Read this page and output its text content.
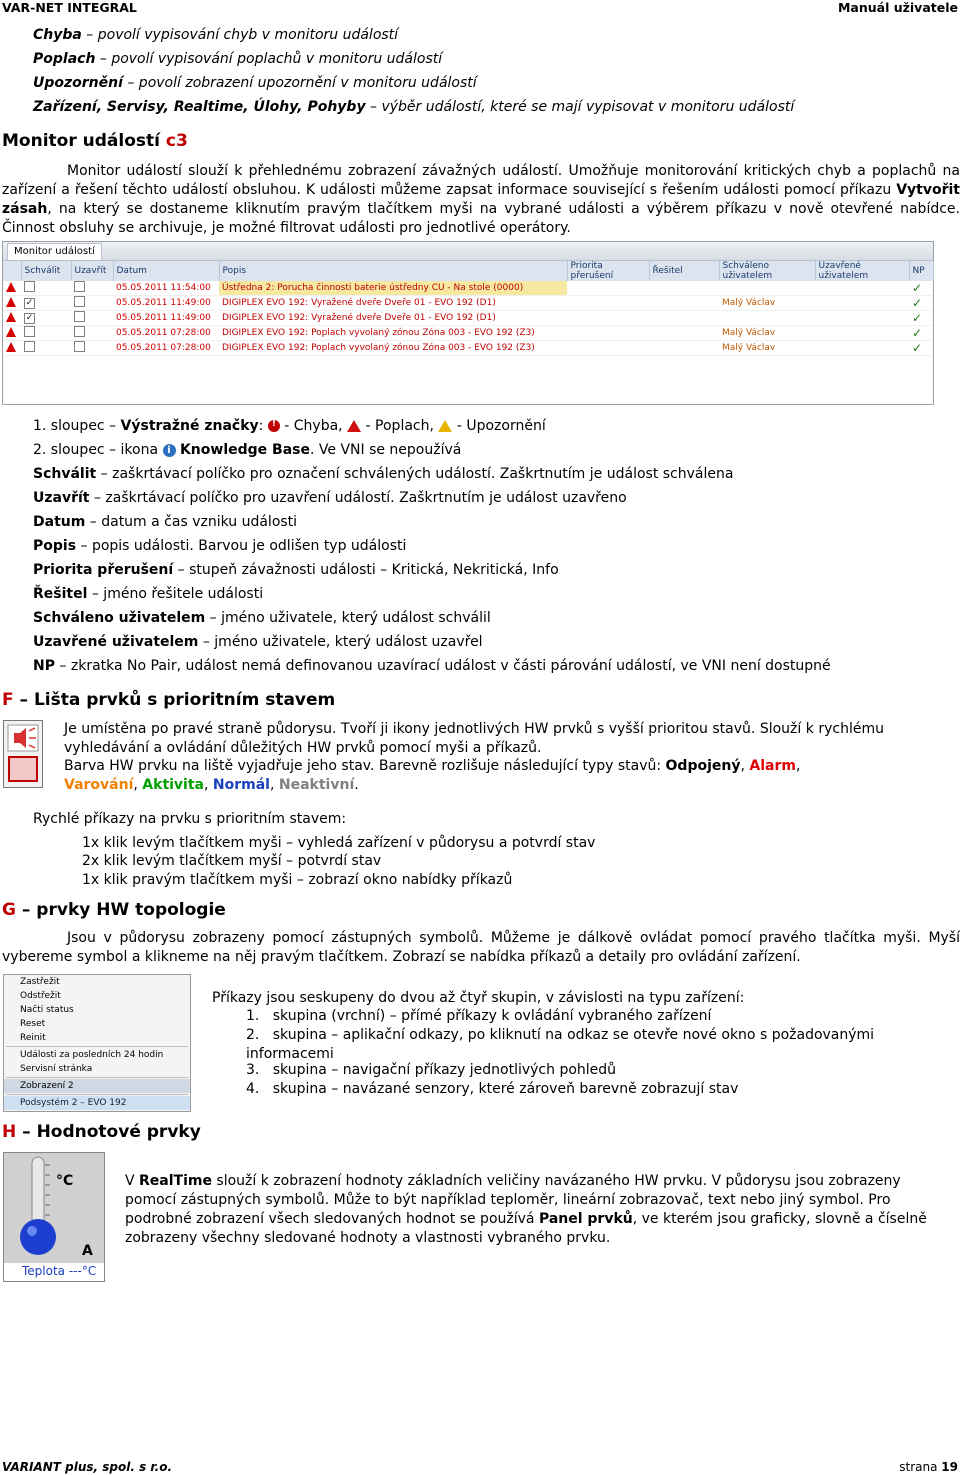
VAR-NET INTEGRAL	Manuál uživatele
Chyba – povolí vypisování chyb v monitoru událostí
Poplach – povolí vypisování poplachů v monitoru událostí
Upozornění – povolí zobrazení upozornění v monitoru událostí
Zařízení, Servisy, Realtime, Úlohy, Pohyby – výběr událostí, které se mají vypisovat v monitoru událostí
Monitor událostí c3
Monitor událostí slouží k přehlednému zobrazení závažných událostí. Umožňuje monitorování kritických chyb a poplachů na zařízení a řešení těchto událostí obsluhou. K události můžeme zapsat informace související s řešením události pomocí příkazu Vytvořit zásah, na který se dostaneme kliknutím pravým tlačítkem myši na vybrané události a výběrem příkazu v nově otevřené nabídce. Činnost obsluhy se archivuje, je možné filtrovat události pro jednotlivé operátory.
Monitor událostí
	Schválit	Uzavřít	Datum	Popis	Priorita přerušení	Řešitel	Schváleno uživatelem	Uzavřené uživatelem	NP
			05.05.2011 11:54:00	Ústředna 2: Porucha činnosti baterie ústředny CU - Na stole (0000)					✓
	✓		05.05.2011 11:49:00	DIGIPLEX EVO 192: Vyražené dveře Dveře 01 - EVO 192 (D1)			Malý Václav		✓
	✓		05.05.2011 11:49:00	DIGIPLEX EVO 192: Vyražené dveře Dveře 01 - EVO 192 (D1)					✓
			05.05.2011 07:28:00	DIGIPLEX EVO 192: Poplach vyvolaný zónou Zóna 003 - EVO 192 (Z3)			Malý Václav		✓
			05.05.2011 07:28:00	DIGIPLEX EVO 192: Poplach vyvolaný zónou Zóna 003 - EVO 192 (Z3)			Malý Václav		✓
1. sloupec – Výstražné značky: ! - Chyba,  - Poplach,  - Upozornění
2. sloupec – ikona i Knowledge Base. Ve VNI se nepoužívá
Schválit – zaškrtávací políčko pro označení schválených událostí. Zaškrtnutím je událost schválena
Uzavřít – zaškrtávací políčko pro uzavření událostí. Zaškrtnutím je událost uzavřeno
Datum – datum a čas vzniku události
Popis – popis události. Barvou je odlišen typ události
Priorita přerušení – stupeň závažnosti události – Kritická, Nekritická, Info
Řešitel – jméno řešitele události
Schváleno uživatelem – jméno uživatele, který událost schválil
Uzavřené uživatelem – jméno uživatele, který událost uzavřel
NP – zkratka No Pair, událost nemá definovanou uzavírací událost v části párování událostí, ve VNI není dostupné
F – Lišta prvků s prioritním stavem
Je umístěna po pravé straně půdorysu. Tvoří ji ikony jednotlivých HW prvků s vyšší prioritou stavů. Slouží k rychlému vyhledávání a ovládání důležitých HW prvků pomocí myši a příkazů.
Barva HW prvku na liště vyjadřuje jeho stav. Barevně rozlišuje následující typy stavů: Odpojený, Alarm,
Varování, Aktivita, Normál, Neaktivní.
Rychlé příkazy na prvku s prioritním stavem:
1x klik levým tlačítkem myši – vyhledá zařízení v půdorysu a potvrdí stav
2x klik levým tlačítkem myší – potvrdí stav
1x klik pravým tlačítkem myši – zobrazí okno nabídky příkazů
G – prvky HW topologie
Jsou v půdorysu zobrazeny pomocí zástupných symbolů. Můžeme je dálkově ovládat pomocí pravého tlačítka myši. Myší vybereme symbol a klikneme na něj pravým tlačítkem. Zobrazí se nabídka příkazů a detaily pro ovládání zařízení.
Zastřežit
Odstřežit
Načti status
Reset
Reinit
Události za posledních 24 hodin
Servisní stránka
Zobrazení 2
Podsystém 2 – EVO 192
Příkazy jsou seskupeny do dvou až čtyř skupin, v závislosti na typu zařízení:
1.   skupina (vrchní) – přímé příkazy k ovládání vybraného zařízení
2.   skupina – aplikační odkazy, po kliknutí na odkaz se otevře nové okno s požadovanými informacemi
3.   skupina – navigační příkazy jednotlivých pohledů
4.   skupina – navázané senzory, které zároveň barevně zobrazují stav
H – Hodnotové prvky
°C
A
Teplota ---°C
V RealTime slouží k zobrazení hodnoty základních veličiny navázaného HW prvku. V půdorysu jsou zobrazeny pomocí zástupných symbolů. Může to být například teploměr, lineární zobrazovač, text nebo jiný symbol. Pro podrobné zobrazení všech sledovaných hodnot se používá Panel prvků, ve kterém jsou graficky, slovně a číselně zobrazeny všechny sledované hodnoty a vlastnosti vybraného prvku.
VARIANT plus, spol. s r.o.	strana 19
